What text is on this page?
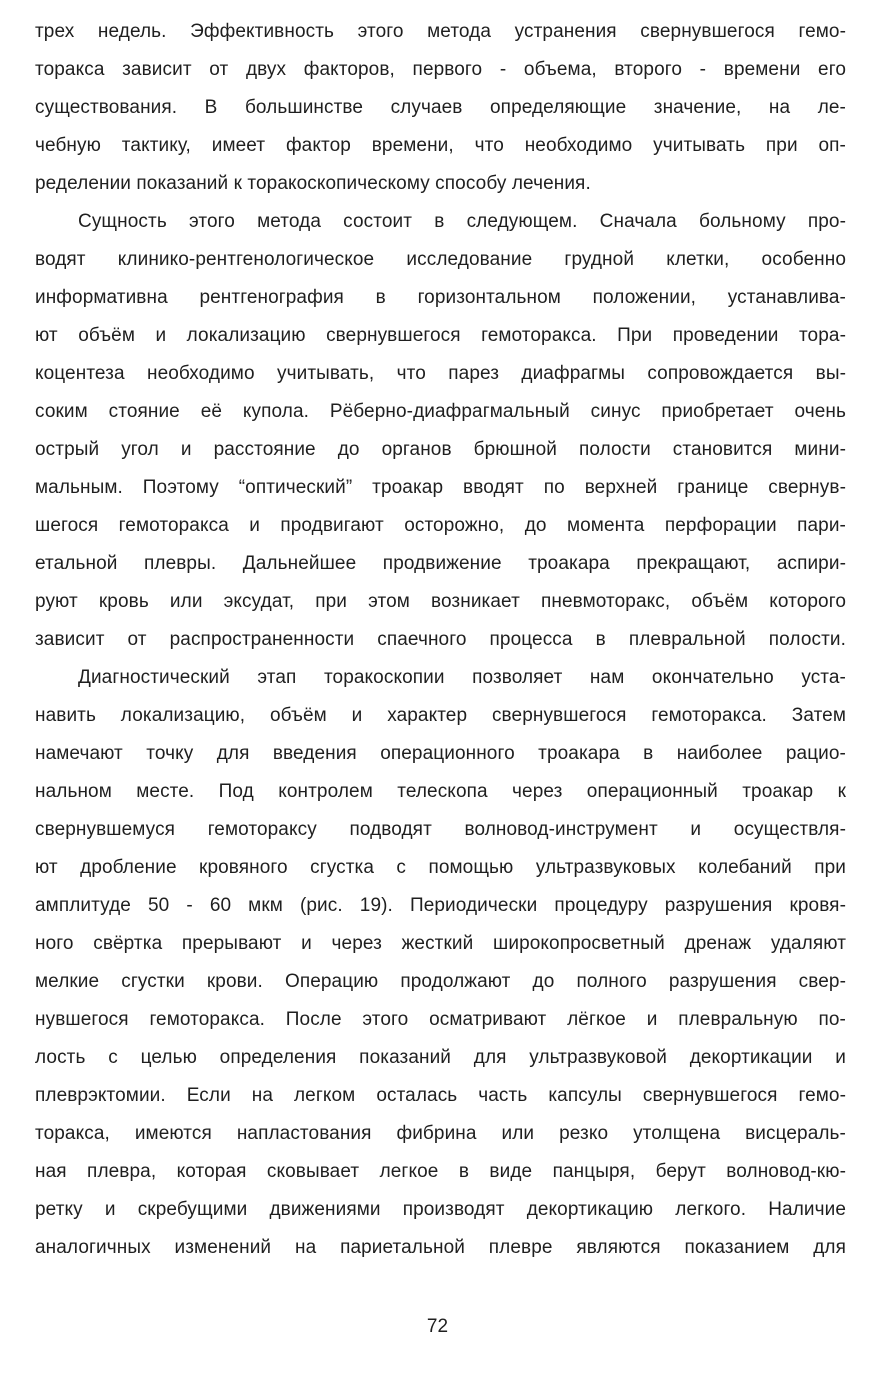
трех недель. Эффективность этого метода устранения свернувшегося гемо-
торакса зависит от двух факторов, первого - объема, второго - времени его
существования. В большинстве случаев определяющие значение, на ле-
чебную тактику, имеет фактор времени, что необходимо учитывать при оп-
ределении показаний к торакоскопическому способу лечения.
Сущность этого метода состоит в следующем. Сначала больному про-
водят клинико-рентгенологическое исследование грудной клетки, особенно
информативна рентгенография в горизонтальном положении, устанавлива-
ют объём и локализацию свернувшегося гемоторакса. При проведении тора-
коцентеза необходимо учитывать, что парез диафрагмы сопровождается вы-
соким стояние её купола. Рёберно-диафрагмальный синус приобретает очень
острый угол и расстояние до органов брюшной полости становится мини-
мальным. Поэтому “оптический” троакар вводят по верхней границе свернув-
шегося гемоторакса и продвигают осторожно, до момента перфорации пари-
етальной плевры. Дальнейшее продвижение троакара прекращают, аспири-
руют кровь или эксудат, при этом возникает пневмоторакс, объём которого
зависит от распространенности спаечного процесса в плевральной полости.
Диагностический этап торакоскопии позволяет нам окончательно уста-
навить локализацию, объём и характер свернувшегося гемоторакса. Затем
намечают точку для введения операционного троакара в наиболее рацио-
нальном месте. Под контролем телескопа через операционный троакар к
свернувшемуся гемотораксу подводят волновод-инструмент и осуществля-
ют дробление кровяного сгустка с помощью ультразвуковых колебаний при
амплитуде 50 - 60 мкм (рис. 19). Периодически процедуру разрушения кровя-
ного свёртка прерывают и через жесткий широкопросветный дренаж удаляют
мелкие сгустки крови. Операцию продолжают до полного разрушения свер-
нувшегося гемоторакса. После этого осматривают лёгкое и плевральную по-
лость с целью определения показаний для ультразвуковой декортикации и
плеврэктомии. Если на легком осталась часть капсулы свернувшегося гемо-
торакса, имеются напластования фибрина или резко утолщена висцераль-
ная плевра, которая сковывает легкое в виде панцыря, берут волновод-кю-
ретку и скребущими движениями производят декортикацию легкого. Наличие
аналогичных изменений на париетальной плевре являются показанием для
72
